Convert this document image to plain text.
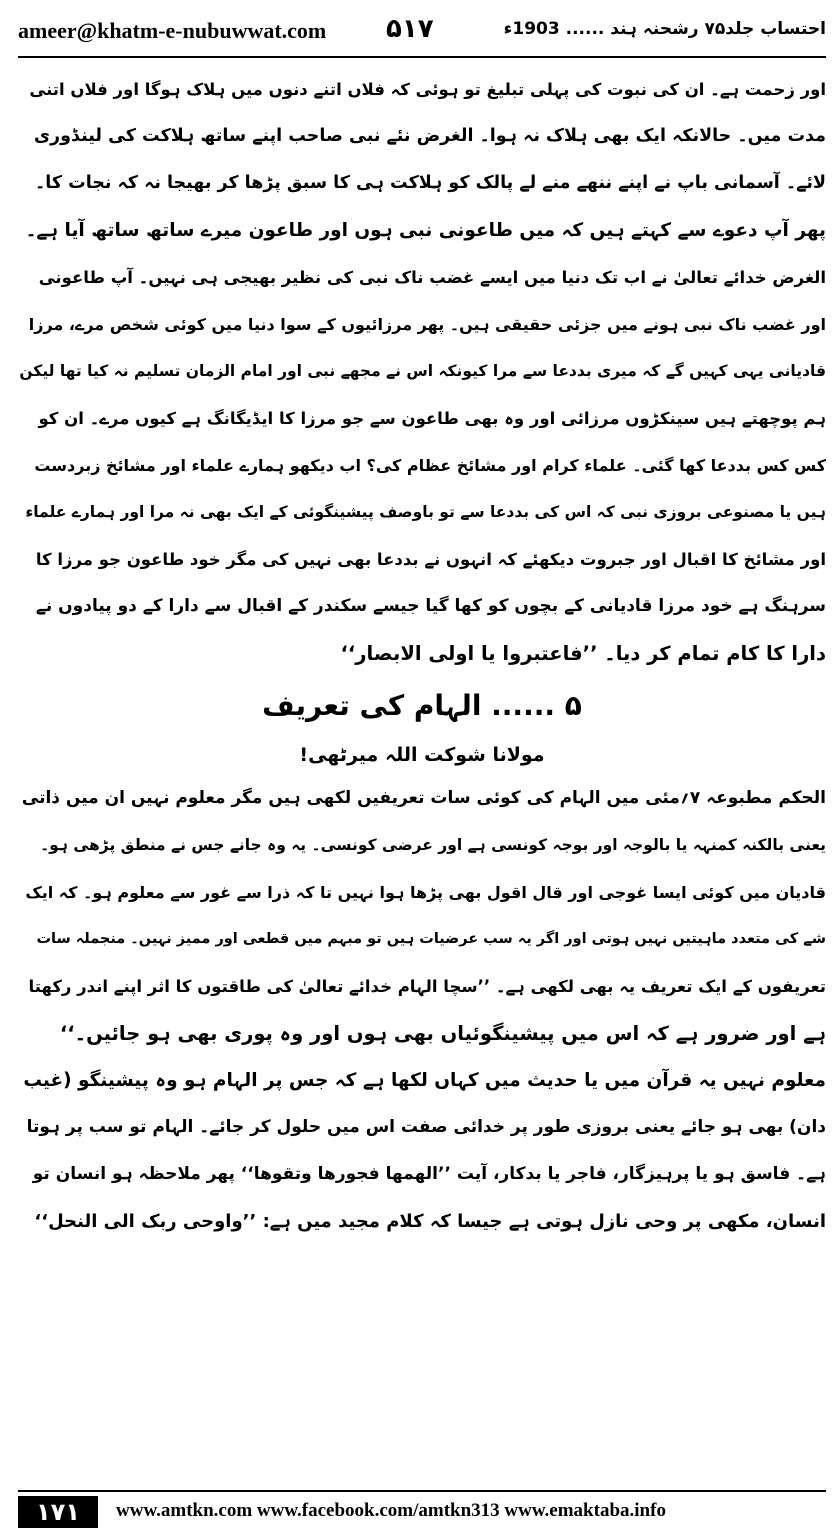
ameer@khatm-e-nubuwwat.com ۵۱۷	احتساب جلد۷۵ رشحنہ ہند ...... 1903ء
اور زحمت ہے۔ ان کی نبوت کی پہلی تبلیغ تو ہوئی کہ فلاں اتنے دنوں میں ہلاک ہوگا اور فلاں اتنی
مدت میں۔ حالانکہ ایک بھی ہلاک نہ ہوا۔ الغرض نئے نبی صاحب اپنے ساتھ ہلاکت کی لینڈوری
لائے۔ آسمانی باپ نے اپنے ننھے منے لے پالک کو ہلاکت ہی کا سبق پڑھا کر بھیجا نہ کہ نجات کا۔
پھر آپ دعوے سے کہتے ہیں کہ میں طاعونی نبی ہوں اور طاعون میرے ساتھ ساتھ آیا ہے۔
الغرض خدائے تعالیٰ نے اب تک دنیا میں ایسے غضب ناک نبی کی نظیر بھیجی ہی نہیں۔ آپ طاعونی
اور غضب ناک نبی ہونے میں جزئی حقیقی ہیں۔ پھر مرزائیوں کے سوا دنیا میں کوئی شخص مرے، مرزا
قادیانی یہی کہیں گے کہ میری بددعا سے مرا کیونکہ اس نے مجھے نبی اور امام الزمان تسلیم نہ کیا تھا لیکن
ہم پوچھتے ہیں سینکڑوں مرزائی اور وہ بھی طاعون سے جو مرزا کا ایڈیگانگ ہے کیوں مرے۔ ان کو
کس کس بددعا کھا گئی۔ علماء کرام اور مشائخ عظام کی؟ اب دیکھو ہمارے علماء اور مشائخ زبردست
ہیں یا مصنوعی بروزی نبی کہ اس کی بددعا سے تو باوصف پیشینگوئی کے ایک بھی نہ مرا اور ہمارے علماء
اور مشائخ کا اقبال اور جبروت دیکھئے کہ انہوں نے بددعا بھی نہیں کی مگر خود طاعون جو مرزا کا
سرہنگ ہے خود مرزا قادیانی کے بچوں کو کھا گیا جیسے سکندر کے اقبال سے دارا کے دو پیادوں نے
دارا کا کام تمام کر دیا۔ ’’فاعتبروا یا اولی الابصار‘‘
۵ ...... الہام کی تعریف
مولانا شوکت اللہ میرٹھی!
الحکم مطبوعہ ۷؍مئی میں الہام کی کوئی سات تعریفیں لکھی ہیں مگر معلوم نہیں ان میں ذاتی
یعنی بالکنہ کمنہہ یا بالوجہ اور بوجہ کونسی ہے اور عرضی کونسی۔ یہ وہ جانے جس نے منطق پڑھی ہو۔
قادیان میں کوئی ایسا غوجی اور قال اقول بھی پڑھا ہوا نہیں تا کہ ذرا سے غور سے معلوم ہو۔ کہ ایک
شے کی متعدد ماہیتیں نہیں ہوتی اور اگر یہ سب عرضیات ہیں تو مبہم میں قطعی اور ممیز نہیں۔ منجملہ سات
تعریفوں کے ایک تعریف یہ بھی لکھی ہے۔ ’’سچا الہام خدائے تعالیٰ کی طاقتوں کا اثر اپنے اندر رکھتا
ہے اور ضرور ہے کہ اس میں پیشینگوئیاں بھی ہوں اور وہ پوری بھی ہو جائیں۔‘‘
معلوم نہیں یہ قرآن میں یا حدیث میں کہاں لکھا ہے کہ جس پر الہام ہو وہ پیشینگو (غیب
دان) بھی ہو جائے یعنی بروزی طور پر خدائی صفت اس میں حلول کر جائے۔ الہام تو سب پر ہوتا
ہے۔ فاسق ہو یا پرہیزگار، فاجر یا بدکار، آیت ’’الھمھا فجورھا وتقوھا‘‘ پھر ملاحظہ ہو انسان تو
انسان، مکھی پر وحی نازل ہوتی ہے جیسا کہ کلام مجید میں ہے: ’’واوحی ربک الی النحل‘‘
۱۷۱	www.amtkn.com www.facebook.com/amtkn313 www.emaktaba.info
